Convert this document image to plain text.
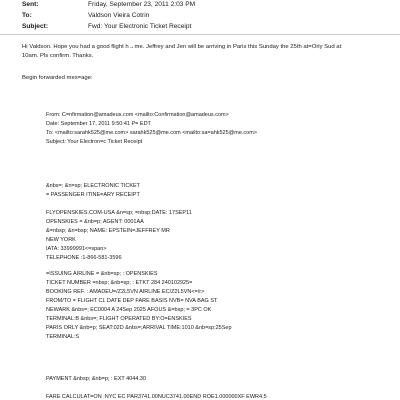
Sent:	Friday, September 23, 2011 2:03 PM
To:	Valdson Vieira Cotrin
Subject:	Fwd: Your Electronic Ticket Receipt
Hi Valdson. Hope you had a good flight h→me. Jeffrey and Jen will be arriving in Paris this Sunday the 25th at=Orly Sud at
10am. Pls confirm. Thanks.
Begin forwarded mes=age:
From: C=nfirmation@amadeus.com <mailto:Confirmation@amadeus.com>
Date: September 17, 2011 9:50:41 P= EDT
To: <mailto:sarahk525@me.com> sarahk525@me.com <mailto:sa=ahk525@me.com>
Subject: Your Electron=c Ticket Receipt
&nbs=; &n=sp; ELECTRONIC TICKET
= PASSENGER ITINE=ARY RECEIPT
FLYOPENSKIES.COM-USA &n=sp; =nbsp;DATE: 17SEP11
OPENSKIES = &nb=p; AGENT: 0001AA
&=nbsp; &n=bsp; NAME: EPSTEIN=JEFFREY MR
NEW YORK
IATA: 33999991<=span>
TELEPHONE :1-866-581-3596
=ISSUING AIRLINE = &nb=sp; : OPENSKIES
TICKET NUMBER =nbsp; &nb=sp; : ETKT 284 240102925=
BOOKING REF. : AMADEU=/Z2L5VN AIRLINE EC/Z2L5VN<=/r>
FROM/TO = FLIGHT CL DATE DEP FARE BASIS NVB= NVA BAG ST
NEWARK &nbs=; EC0004 A 24Sep 2025 AFOUS &=bsp; = 3PC OK
TERMINAL:B &nbs=; FLIGHT OPERATED BY:O=ENSKIES
PARIS ORLY &nb=p; SEAT:02D &nbs=;ARRIVAL TIME:1010 &nb=sp;25Sep
TERMINAL:S
PAYMENT &nbsp; &nb=p; : EXT 4044.30
FARE CALCULAT=ON :NYC EC PAR3741.00NUC3741.00END ROE1.000000XF EWR4.5
